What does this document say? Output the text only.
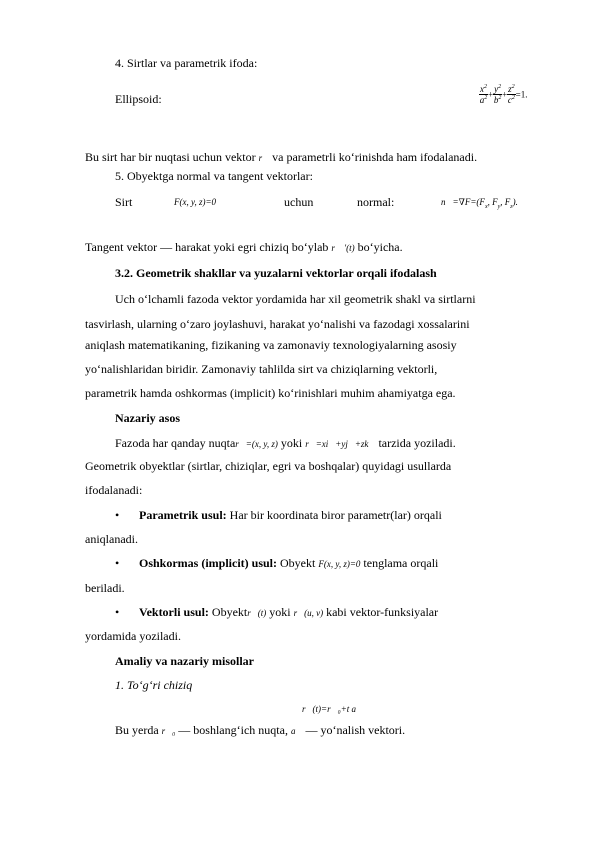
4. Sirtlar va parametrik ifoda:
Ellipsoid:	$\frac{x^2}{a^2} + \frac{y^2}{b^2} + \frac{z^2}{c^2} =1$.
Bu sirt har bir nuqtasi uchun vektor r⃗ va parametrli ko‘rinishda ham ifodalanadi.
5. Obyektga normal va tangent vektorlar:
Sirt	F(x, y, z)=0	uchun	normal:	$n⃗=\nabla F=(F_x$, $F_y$, $F_z$).
Tangent vektor — harakat yoki egri chiziq bo‘ylab r⃗ ′(t) bo‘yicha.
3.2. Geometrik shakllar va yuzalarni vektorlar orqali ifodalash
Uch o‘lchamli fazoda vektor yordamida har xil geometrik shakl va sirtlarni
tasvirlash, ularning o‘zaro joylashuvi, harakat yo‘nalishi va fazodagi xossalarini
aniqlash matematikaning, fizikaning va zamonaviy texnologiyalarning asosiy
yo‘nalishlaridan biridir. Zamonaviy tahlilda sirt va chiziqlarning vektorli,
parametrik hamda oshkormas (implicit) ko‘rinishlari muhim ahamiyatga ega.
Nazariy asos
Fazoda har qanday nuqtar⃗=(x, y, z) yoki r⃗=xi⃗+yj⃗+zk⃗ tarzida yoziladi.
Geometrik obyektlar (sirtlar, chiziqlar, egri va boshqalar) quyidagi usullarda
ifodalanadi:
• Parametrik usul: Har bir koordinata biror parametr(lar) orqali
aniqlanadi.
• Oshkormas (implicit) usul: Obyekt F(x, y, z)=0 tenglama orqali
beriladi.
• Vektorli usul: Obyektr⃗(t) yoki r⃗(u, v) kabi vektor-funksiyalar
yordamida yoziladi.
Amaliy va nazariy misollar
1. To‘g‘ri chiziq
r⃗(t)=r⃗₀+t a⃗
Bu yerda r⃗₀ — boshlang‘ich nuqta, a⃗ — yo‘nalish vektori.
